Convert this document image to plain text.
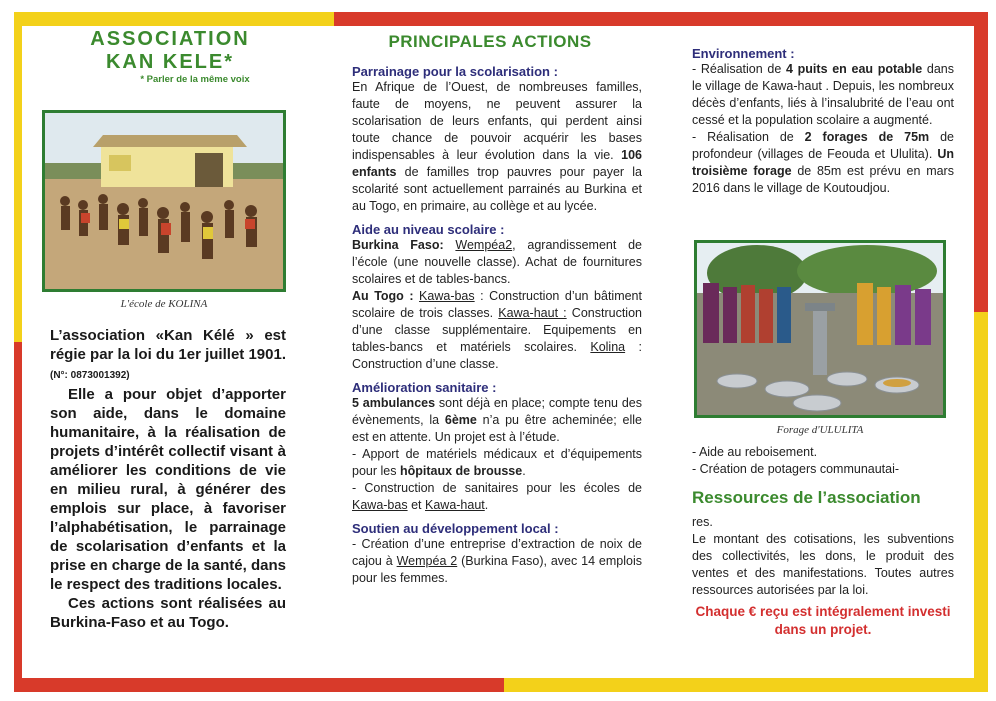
ASSOCIATION
KAN KELE*
* Parler de la même voix
L'école de KOLINA

L’association «Kan Kélé » est régie par la loi du 1er juillet 1901. (N°: 0873001392)

Elle a pour objet d’apporter son aide, dans le domaine humanitaire, à la réalisation de projets d’intérêt collectif visant à améliorer les conditions de vie en milieu rural, à générer des emplois sur place, à favoriser l’alphabétisation, le parrainage de scolarisation d’enfants et la prise en charge de la santé, dans le respect des traditions locales.

Ces actions sont réalisées au Burkina-Faso et au Togo.

PRINCIPALES ACTIONS

Parrainage pour la scolarisation :

En Afrique de l’Ouest, de nombreuses familles, faute de moyens, ne peuvent assurer la scolarisation de leurs enfants, qui perdent ainsi toute chance de pouvoir acquérir les bases indispensables à leur évolution dans la vie. 106 enfants de familles trop pauvres pour payer la scolarité sont actuellement parrainés au Burkina et au Togo, en primaire, au collège et au lycée.

Aide au niveau scolaire :

Burkina Faso: Wempéa2, agrandissement de l’école (une nouvelle classe). Achat de fournitures scolaires et de tables-bancs.

Au Togo : Kawa-bas : Construction d’un bâtiment scolaire de trois classes. Kawa-haut : Construction d’une classe supplémentaire. Equipements en tables-bancs et matériels scolaires. Kolina : Construction d’une classe.

Amélioration sanitaire :

5 ambulances sont déjà en place; compte tenu des évènements, la 6ème n’a pu être acheminée; elle est en attente. Un projet est à l’étude.

- Apport de matériels médicaux et d’équipements pour les hôpitaux de brousse.

- Construction de sanitaires pour les écoles de Kawa-bas et Kawa-haut.

Soutien au développement local :

- Création d’une entreprise d’extraction de noix de cajou à Wempéa 2 (Burkina Faso), avec 14 emplois pour les femmes.

Environnement :

- Réalisation de 4 puits en eau potable dans le village de Kawa-haut . Depuis, les nombreux décès d’enfants, liés à l’insalubrité de l’eau ont cessé et la population scolaire a augmenté.

- Réalisation de 2 forages de 75m de profondeur (villages de Feouda et Ululita). Un troisième forage de 85m est prévu en mars 2016 dans le village de Koutoudjou.

Forage d'ULULITA

- Aide au reboisement.

- Création de potagers communautai-

Ressources de l’association

res.

Le montant des cotisations, les subventions des collectivités, les dons, le produit des ventes et des manifestations. Toutes autres ressources autorisées par la loi.

Chaque € reçu est intégralement investi dans un projet.
